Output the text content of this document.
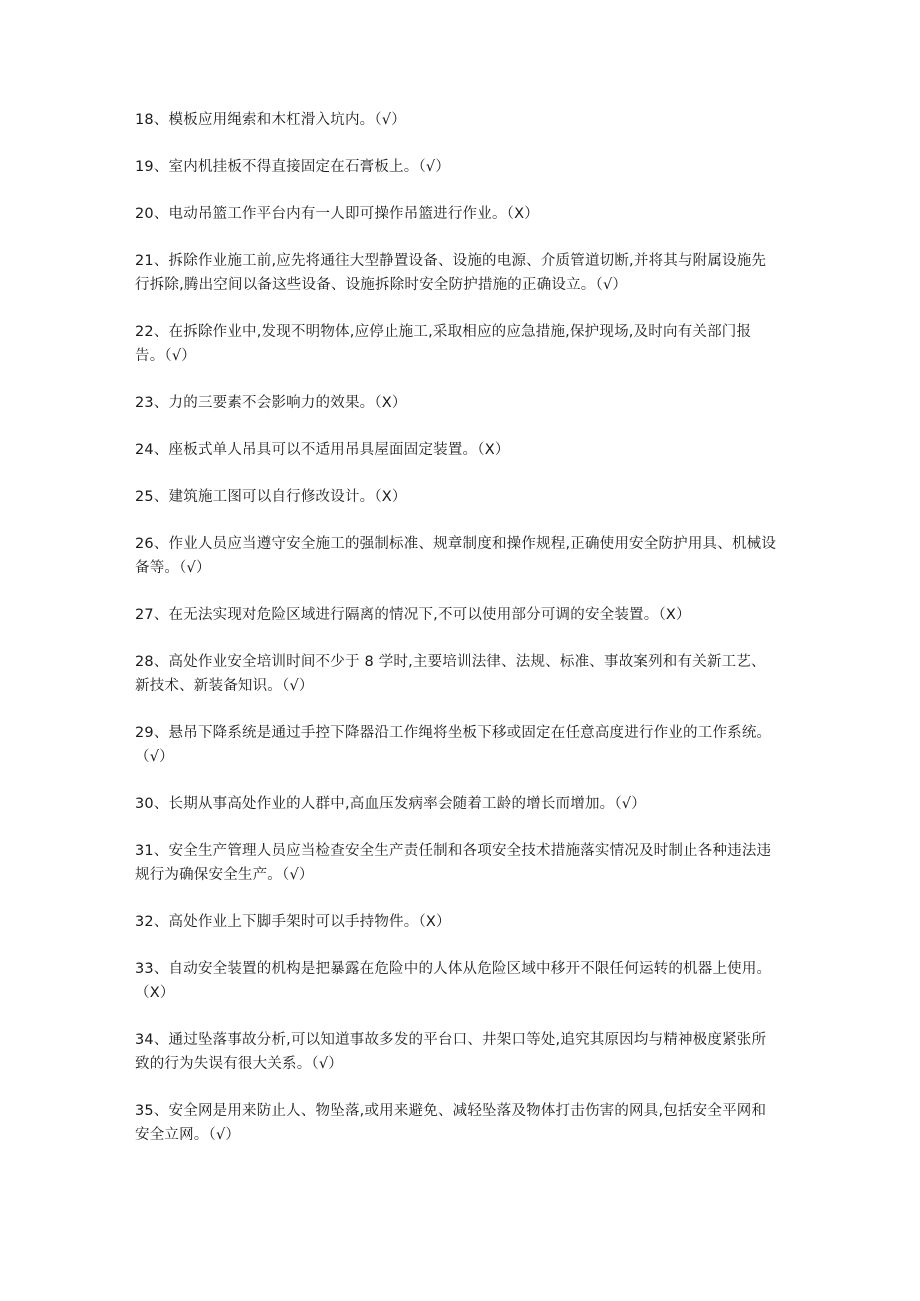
18、模板应用绳索和木杠滑入坑内。（√）
19、室内机挂板不得直接固定在石膏板上。（√）
20、电动吊篮工作平台内有一人即可操作吊篮进行作业。（X）
21、拆除作业施工前,应先将通往大型静置设备、设施的电源、介质管道切断,并将其与附属设施先行拆除,腾出空间以备这些设备、设施拆除时安全防护措施的正确设立。（√）
22、在拆除作业中,发现不明物体,应停止施工,采取相应的应急措施,保护现场,及时向有关部门报告。（√）
23、力的三要素不会影响力的效果。（X）
24、座板式单人吊具可以不适用吊具屋面固定装置。（X）
25、建筑施工图可以自行修改设计。（X）
26、作业人员应当遵守安全施工的强制标准、规章制度和操作规程,正确使用安全防护用具、机械设备等。（√）
27、在无法实现对危险区域进行隔离的情况下,不可以使用部分可调的安全装置。（X）
28、高处作业安全培训时间不少于 8 学时,主要培训法律、法规、标准、事故案列和有关新工艺、新技术、新装备知识。（√）
29、悬吊下降系统是通过手控下降器沿工作绳将坐板下移或固定在任意高度进行作业的工作系统。（√）
30、长期从事高处作业的人群中,高血压发病率会随着工龄的增长而增加。（√）
31、安全生产管理人员应当检查安全生产责任制和各项安全技术措施落实情况及时制止各种违法违规行为确保安全生产。（√）
32、高处作业上下脚手架时可以手持物件。（X）
33、自动安全装置的机构是把暴露在危险中的人体从危险区域中移开不限任何运转的机器上使用。（X）
34、通过坠落事故分析,可以知道事故多发的平台口、井架口等处,追究其原因均与精神极度紧张所致的行为失误有很大关系。（√）
35、安全网是用来防止人、物坠落,或用来避免、减轻坠落及物体打击伤害的网具,包括安全平网和安全立网。（√）
